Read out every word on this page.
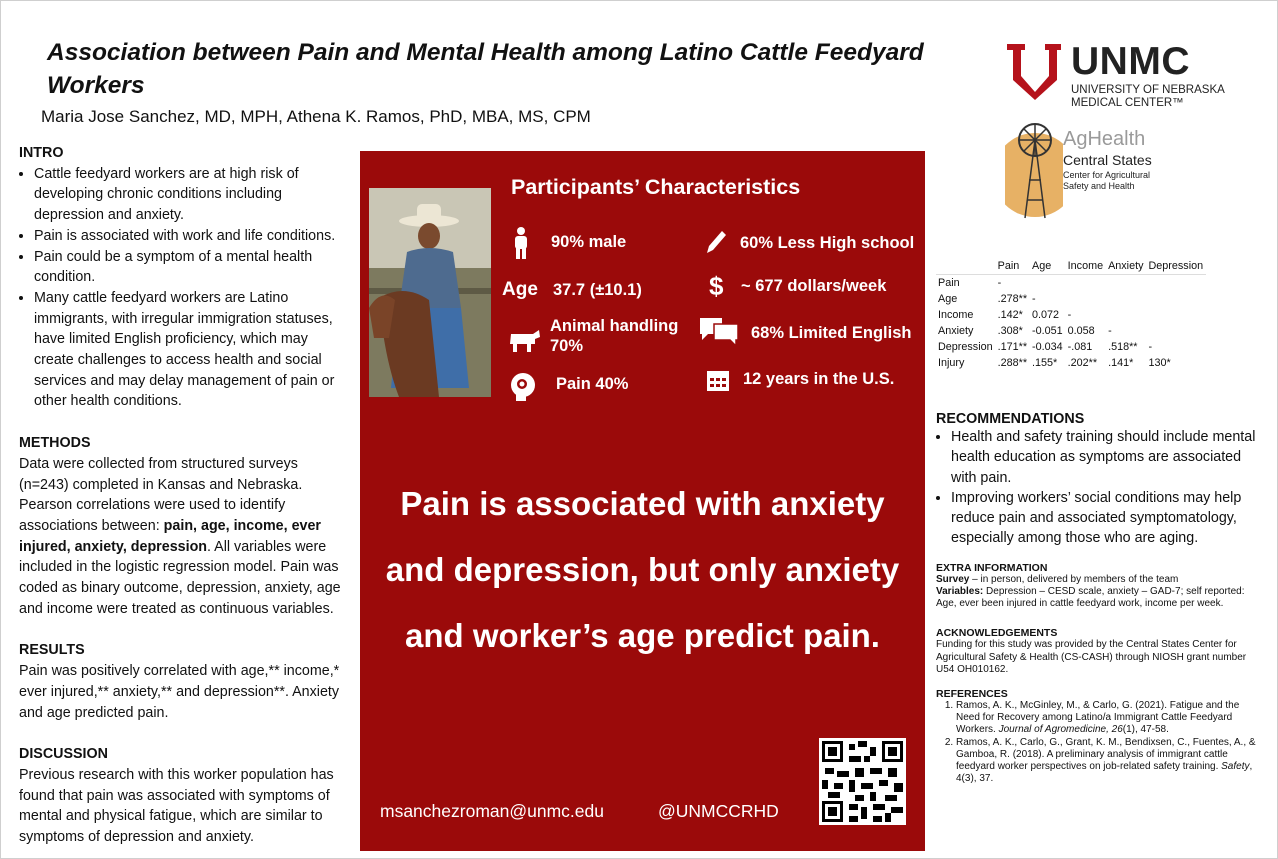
Association between Pain and Mental Health among Latino Cattle Feedyard Workers
Maria Jose Sanchez, MD, MPH, Athena K. Ramos, PhD, MBA, MS, CPM
UNMC
UNIVERSITY OF NEBRASKA
MEDICAL CENTER™
AgHealth
Central States
Center for Agricultural
Safety and Health
INTRO
• Cattle feedyard workers are at high risk of developing chronic conditions including depression and anxiety.
• Pain is associated with work and life conditions.
• Pain could be a symptom of a mental health condition.
• Many cattle feedyard workers are Latino immigrants, with irregular immigration statuses, have limited English proficiency, which may create challenges to access health and social services and may delay management of pain or other health conditions.
METHODS

Data were collected from structured surveys (n=243) completed in Kansas and Nebraska. Pearson correlations were used to identify associations between: pain, age, income, ever injured, anxiety, depression. All variables were included in the logistic regression model. Pain was coded as binary outcome, depression, anxiety, age and income were treated as continuous variables.

RESULTS

Pain was positively correlated with age,** income,* ever injured,** anxiety,** and depression**. Anxiety and age predicted pain.

DISCUSSION

Previous research with this worker population has found that pain was associated with symptoms of mental and physical fatigue, which are similar to symptoms of depression and anxiety.

Participants’ Characteristics
$
90% male
Age 37.7 (±10.1)
Animal handling
70%
Pain 40%
60% Less High school
~ 677 dollars/week
68% Limited English
12 years in the U.S.
Pain is associated with anxiety
and depression, but only anxiety
and worker’s age predict pain.
msanchezroman@unmc.edu	@UNMCCRHD
	Pain	Age	Income	Anxiety	Depression
Pain	-				
Age	.278**	-			
Income	.142*	0.072	-		
Anxiety	.308*	-0.051	0.058	-	
Depression	.171**	-0.034	-.081	.518**	-
Injury	.288**	.155*	.202**	.141*	130*
RECOMMENDATIONS
• Health and safety training should include mental health education as symptoms are associated with pain.
• Improving workers’ social conditions may help reduce pain and associated symptomatology, especially among those who are aging.
EXTRA INFORMATION

Survey – in person, delivered by members of the team
Variables: Depression – CESD scale, anxiety – GAD-7; self reported: Age, ever been injured in cattle feedyard work, income per week.

ACKNOWLEDGEMENTS

Funding for this study was provided by the Central States Center for Agricultural Safety & Health (CS-CASH) through NIOSH grant number U54 OH010162.

REFERENCES
1. Ramos, A. K., McGinley, M., & Carlo, G. (2021). Fatigue and the Need for Recovery among Latino/a Immigrant Cattle Feedyard Workers. Journal of Agromedicine, 26(1), 47-58.
2. Ramos, A. K., Carlo, G., Grant, K. M., Bendixsen, C., Fuentes, A., & Gamboa, R. (2018). A preliminary analysis of immigrant cattle feedyard worker perspectives on job-related safety training. Safety, 4(3), 37.
